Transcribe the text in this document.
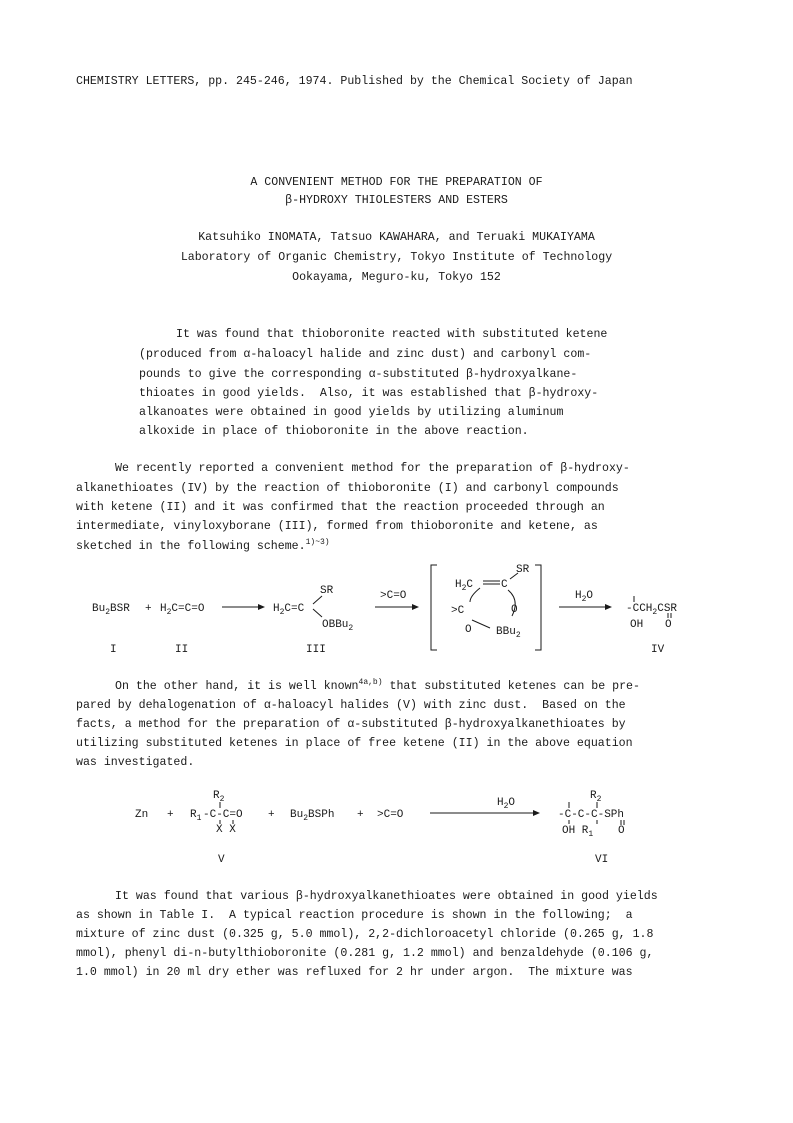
CHEMISTRY LETTERS, pp. 245-246, 1974. Published by the Chemical Society of Japan
A CONVENIENT METHOD FOR THE PREPARATION OF
β-HYDROXY THIOLESTERS AND ESTERS
Katsuhiko INOMATA, Tatsuo KAWAHARA, and Teruaki MUKAIYAMA
Laboratory of Organic Chemistry, Tokyo Institute of Technology
Ookayama, Meguro-ku, Tokyo 152
It was found that thioboronite reacted with substituted ketene
(produced from α-haloacyl halide and zinc dust) and carbonyl com-
pounds to give the corresponding α-substituted β-hydroxyalkane-
thioates in good yields.  Also, it was established that β-hydroxy-
alkanoates were obtained in good yields by utilizing aluminum
alkoxide in place of thioboronite in the above reaction.
We recently reported a convenient method for the preparation of β-hydroxy-
alkanethioates (IV) by the reaction of thioboronite (I) and carbonyl compounds
with ketene (II) and it was confirmed that the reaction proceeded through an
intermediate, vinyloxyborane (III), formed from thioboronite and ketene, as
sketched in the following scheme.$^{1)\sim 3)}$
$Bu_2BSR + H_2C=C=O$	$H_2C=C$
SR
OBBu$_2$
>C=O
$H_2C$	C
SR
>C
O
O
BBu$_2$
$H_2O$
$-CCH_2CSR$
OH O
I	II	III	IV
On the other hand, it is well known$^{4a,b)}$ that substituted ketenes can be pre-
pared by dehalogenation of α-haloacyl halides (V) with zinc dust.  Based on the
facts, a method for the preparation of α-substituted β-hydroxyalkanethioates by
utilizing substituted ketenes in place of free ketene (II) in the above equation
was investigated.
Zn +
$R_2$
$R_1$ -C-C=O
X X
+ $Bu_2BSPh + >C=O$
$H_2O$
$R_2$
-C-C-C-SPh
OH $R_1$ O
V	VI
It was found that various β-hydroxyalkanethioates were obtained in good yields
as shown in Table I.  A typical reaction procedure is shown in the following;  a
mixture of zinc dust (0.325 g, 5.0 mmol), 2,2-dichloroacetyl chloride (0.265 g, 1.8
mmol), phenyl di-n-butylthioboronite (0.281 g, 1.2 mmol) and benzaldehyde (0.106 g,
1.0 mmol) in 20 ml dry ether was refluxed for 2 hr under argon.  The mixture was
